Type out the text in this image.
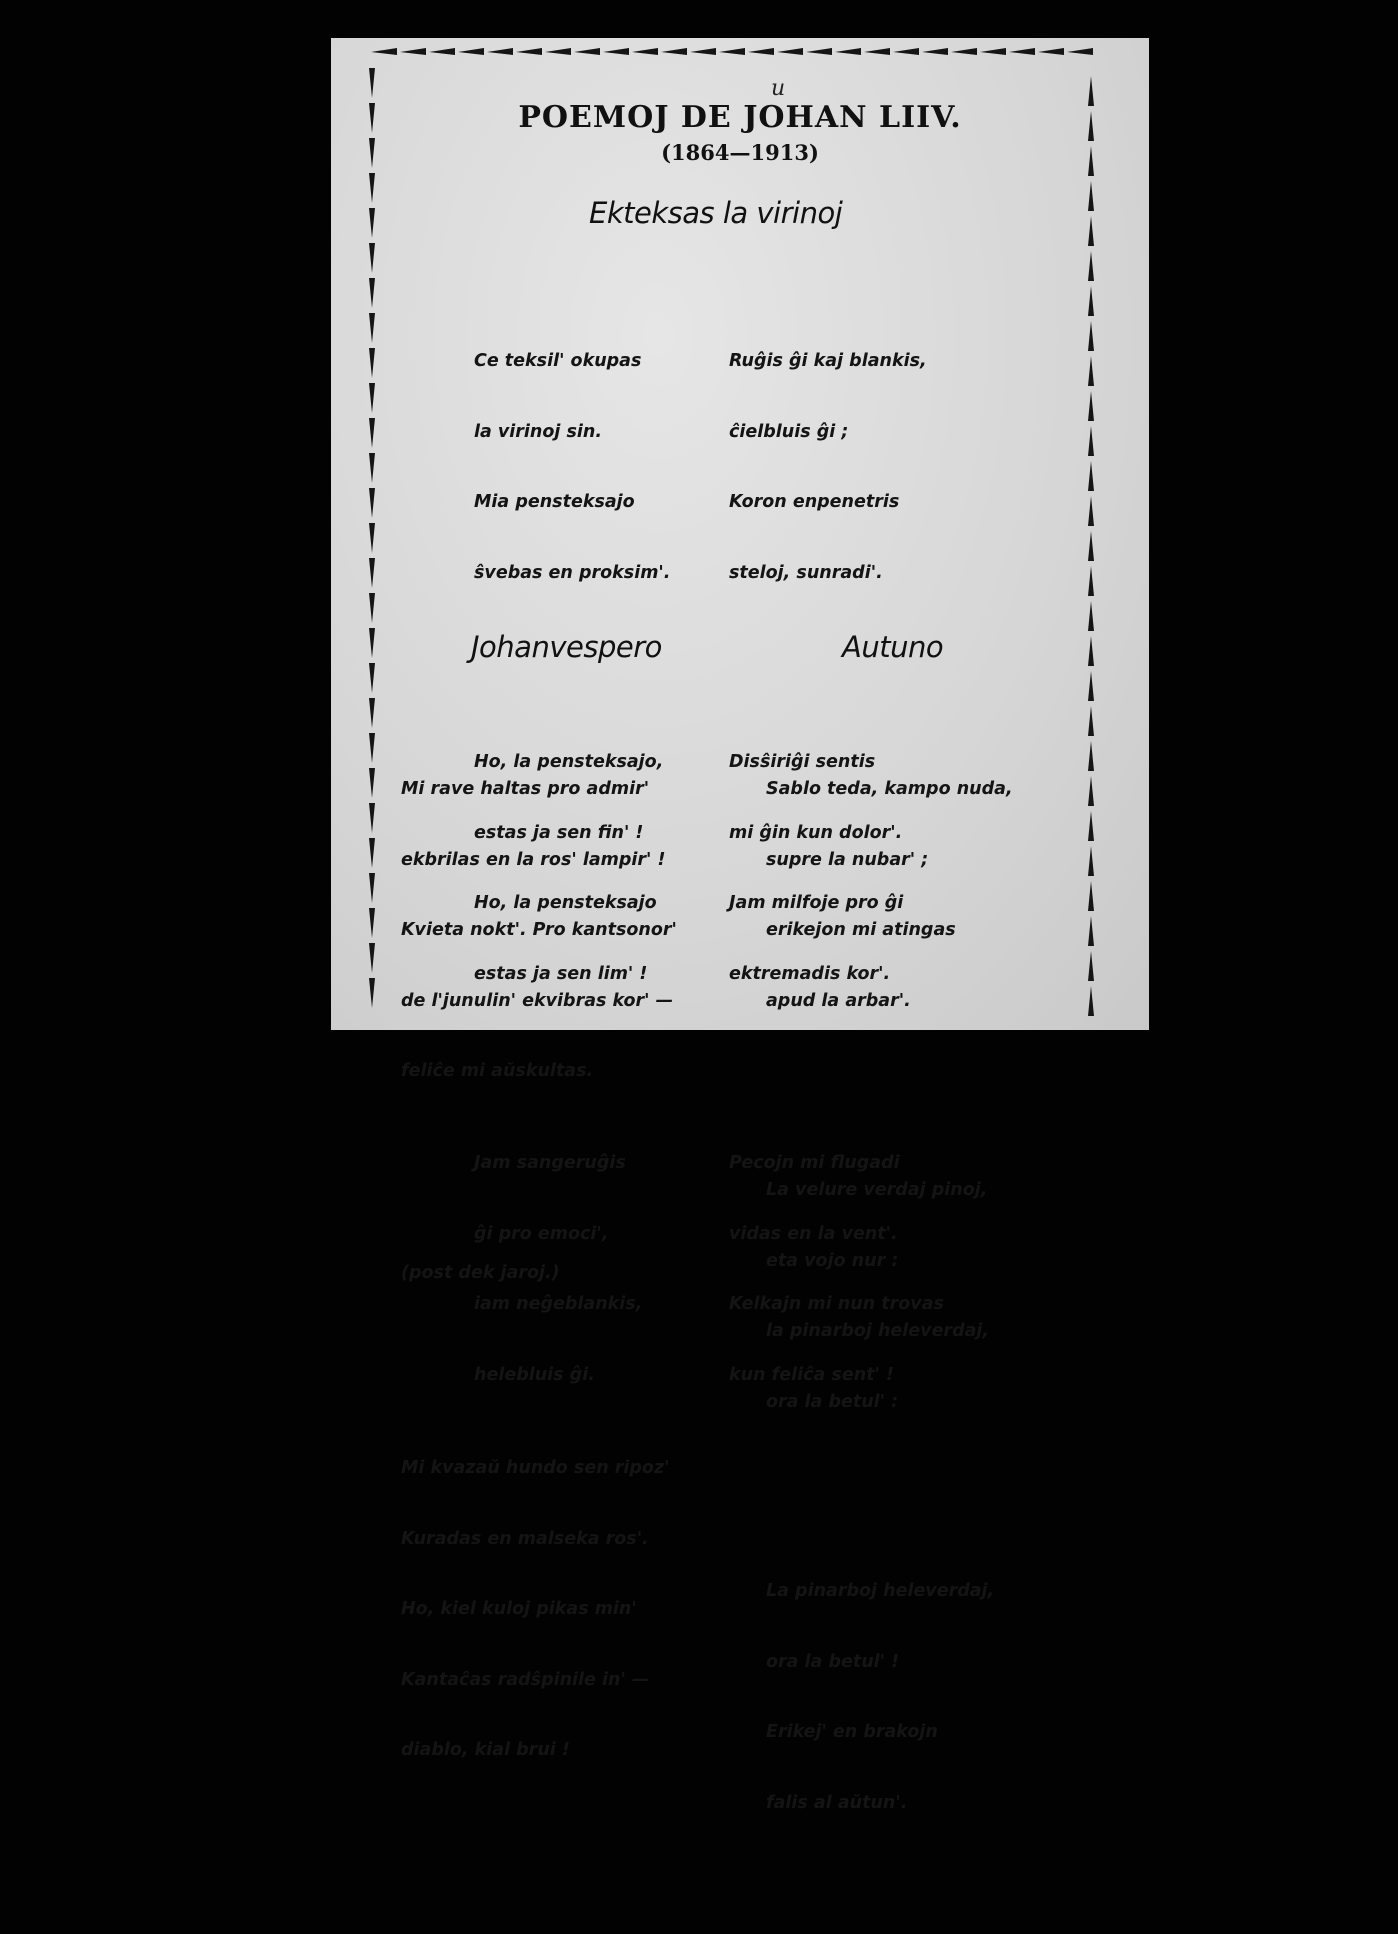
u
POEMOJ DE JOHAN LIIV.
(1864—1913)
Ekteksas la virinoj

Ce teksil' okupas

la virinoj sin.

Mia pensteksajo

ŝvebas en proksim'.

Ho, la pensteksajo,

estas ja sen fin' !

Ho, la pensteksajo

estas ja sen lim' !

Jam sangeruĝis

ĝi pro emoci',

iam neĝeblankis,

helebluis ĝi.

Ruĝis ĝi kaj blankis,

ĉielbluis ĝi ;

Koron enpenetris

steloj, sunradi'.

Disŝiriĝi sentis

mi ĝin kun dolor'.

Jam milfoje pro ĝi

ektremadis kor'.

Pecojn mi flugadi

vidas en la vent'.

Kelkajn mi nun trovas

kun feliĉa sent' !

Johanvespero	Autuno

Mi rave haltas pro admir'

ekbrilas en la ros' lampir' !

Kvieta nokt'. Pro kantsonor'

de l'junulin' ekvibras kor' —

feliĉe mi aŭskultas.

(post dek jaroj.)

Mi kvazaŭ hundo sen ripoz'

Kuradas en malseka ros'.

Ho, kiel kuloj pikas min'

Kantaĉas radŝpinile in' —

diablo, kial brui !

Sablo teda, kampo nuda,

supre la nubar' ;

erikejon mi atingas

apud la arbar'.

La velure verdaj pinoj,

eta vojo nur :

la pinarboj heleverdaj,

ora la betul' :

La pinarboj heleverdaj,

ora la betul' !

Erikej' en brakojn

falis al aŭtun'.
